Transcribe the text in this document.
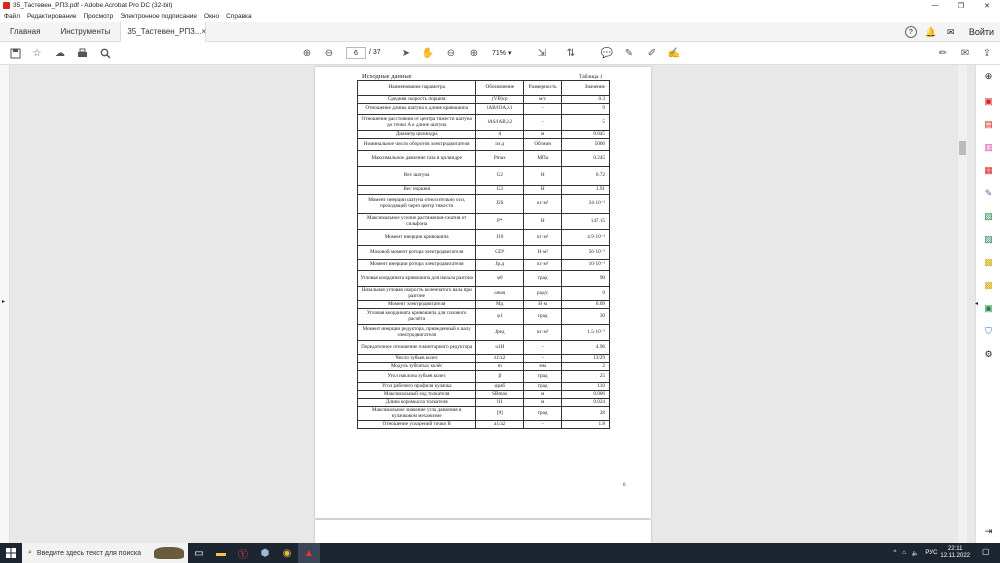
35_Тастевен_РПЗ.pdf - Adobe Acrobat Pro DC (32-bit)	—	❐	✕
Файл Редактирование Просмотр Электронное подписание Окно Справка
Главная	Инструменты	35_Тастевен_РП3... ×	?	🔔 ✉ Войти
☆ ☁	⊕ ⊖	6	/ 37 ➤ ✋ ⊖ ⊕	71%
▾	⇲ ⇅	💬 ✎ ✐ ✍	✏ ✉ ⇪
▸
Исходные данные	Таблица 1
Наименование параметра	Обозначение	Размерность	Значение
Средняя скорость поршня	(VB)ср	м/с	0.3
Отношение длины шатуна к длине кривошипа	lAB/lOA,λ1	-	9
Отношение расстояния от центра тяжести шатуна до точки A к длине шатуна	lAS/lAB,λ2	-	5
Диаметр цилиндра	d	м	0.045
Номинальное число оборотов электродвигателя	nэ.д	Об/мин	5000
Максимальное давление газа в цилиндре	Pmax	МПа	0.245
Вес шатуна	G2	Н	0.72
Вес поршня	G3	Н	1.91
Момент инерции шатуна относительно оси, проходящей через центр тяжести	J2S	кг·м²	34·10⁻²
Максимальное усилие растяжения-сжатия от сильфона	P*	Н	147.15
Момент инерции кривошипа	J10	кг·м²	4.9·10⁻²
Маховой момент ротора электродвигателя	GD²	Н·м²	56·10⁻²
Момент инерции ротора электродвигателя	Jр.д	кг·м²	10·10⁻²
Угловая координата кривошипа для начала разгона	φ0	град	90
Начальная угловая скорость коленчатого вала при разгоне	ωнач	рад/с	0
Момент электродвигателя	Mд	Н·м	0.09
Угловая координата кривошипа для силового расчёта	φ1	град	30
Момент инерции редуктора, приведенный к валу электродвигателя	Jред	кг·м²	1.5·10⁻²
Передаточное отношение планетарного редуктора	u1H	-	4.96
Число зубьев колес	z1/z2	-	13/29
Модуль зубчатых колёс	m	мм	2
Угол наклона зубьев колес	β	град	25
Угол рабочего профиля кулачка	φраб	град	110
Максимальный ход толкателя	SBmax	м	0.006
Длина коромысла толкателя	l11	м	0.024
Максимальное значение угла давления в кулачковом механизме	[ϑ]	град	28
Отношение ускорений точки B	a1/a2	-	1.8
6
⊕
▣
▤
▥
▦
✎
▧
▨
▩
▩
▣
⛉
⚙
◂
⇥
⌕ Введите здесь текст для поиска	▭	▬	Ⓨ	⬢	◉	▲	^ ⌂ 🔈 РУС
22:11
12.11.2022 ▢
